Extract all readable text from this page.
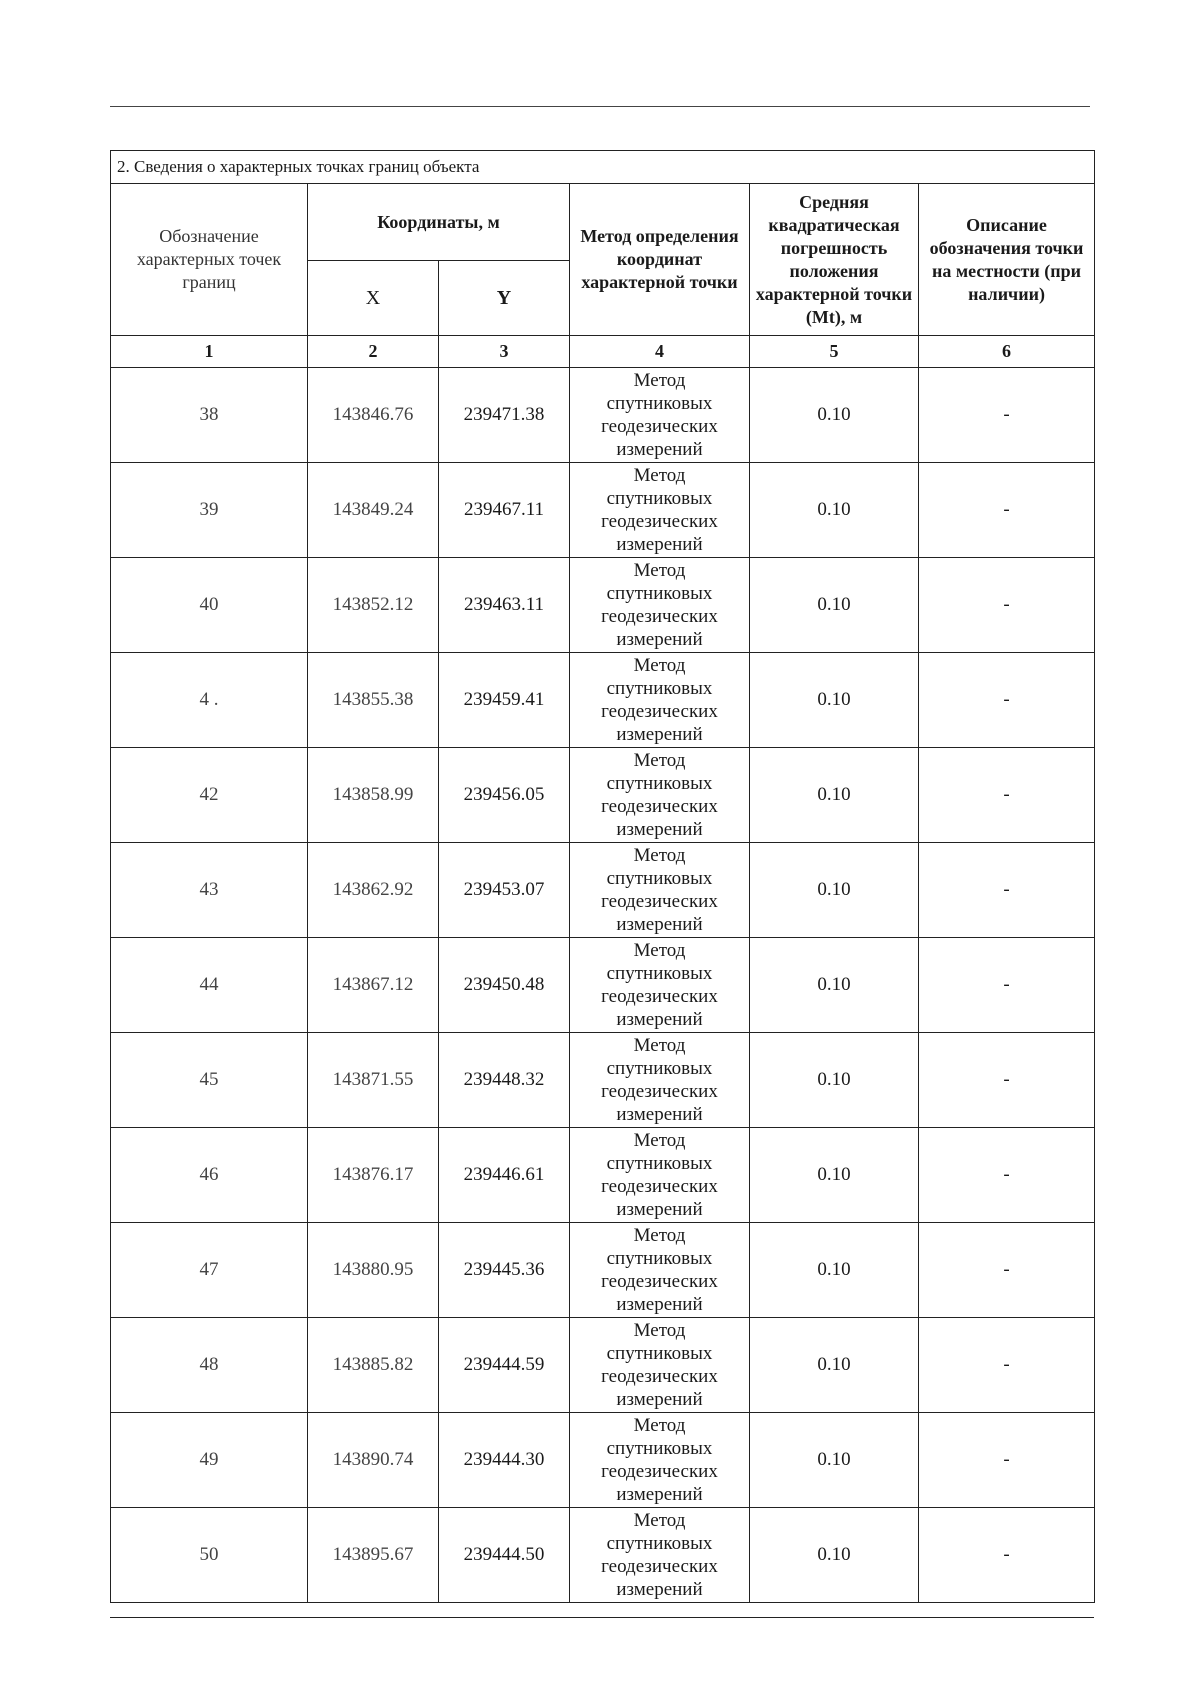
2. Сведения о характерных точках границ объекта					
Обозначение характерных точек границ	Координаты, м		Метод определения координат характерной точки	Средняя квадратическая погрешность положения характерной точки (Mt), м	Описание обозначения точки на местности (при наличии)
	X	Y			
1	2	3	4	5	6
38	143846.76	239471.38	Метод спутниковых геодезических измерений	0.10	-
39	143849.24	239467.11	Метод спутниковых геодезических измерений	0.10	-
40	143852.12	239463.11	Метод спутниковых геодезических измерений	0.10	-
4 .	143855.38	239459.41	Метод спутниковых геодезических измерений	0.10	-
42	143858.99	239456.05	Метод спутниковых геодезических измерений	0.10	-
43	143862.92	239453.07	Метод спутниковых геодезических измерений	0.10	-
44	143867.12	239450.48	Метод спутниковых геодезических измерений	0.10	-
45	143871.55	239448.32	Метод спутниковых геодезических измерений	0.10	-
46	143876.17	239446.61	Метод спутниковых геодезических измерений	0.10	-
47	143880.95	239445.36	Метод спутниковых геодезических измерений	0.10	-
48	143885.82	239444.59	Метод спутниковых геодезических измерений	0.10	-
49	143890.74	239444.30	Метод спутниковых геодезических измерений	0.10	-
50	143895.67	239444.50	Метод спутниковых геодезических измерений	0.10	-
